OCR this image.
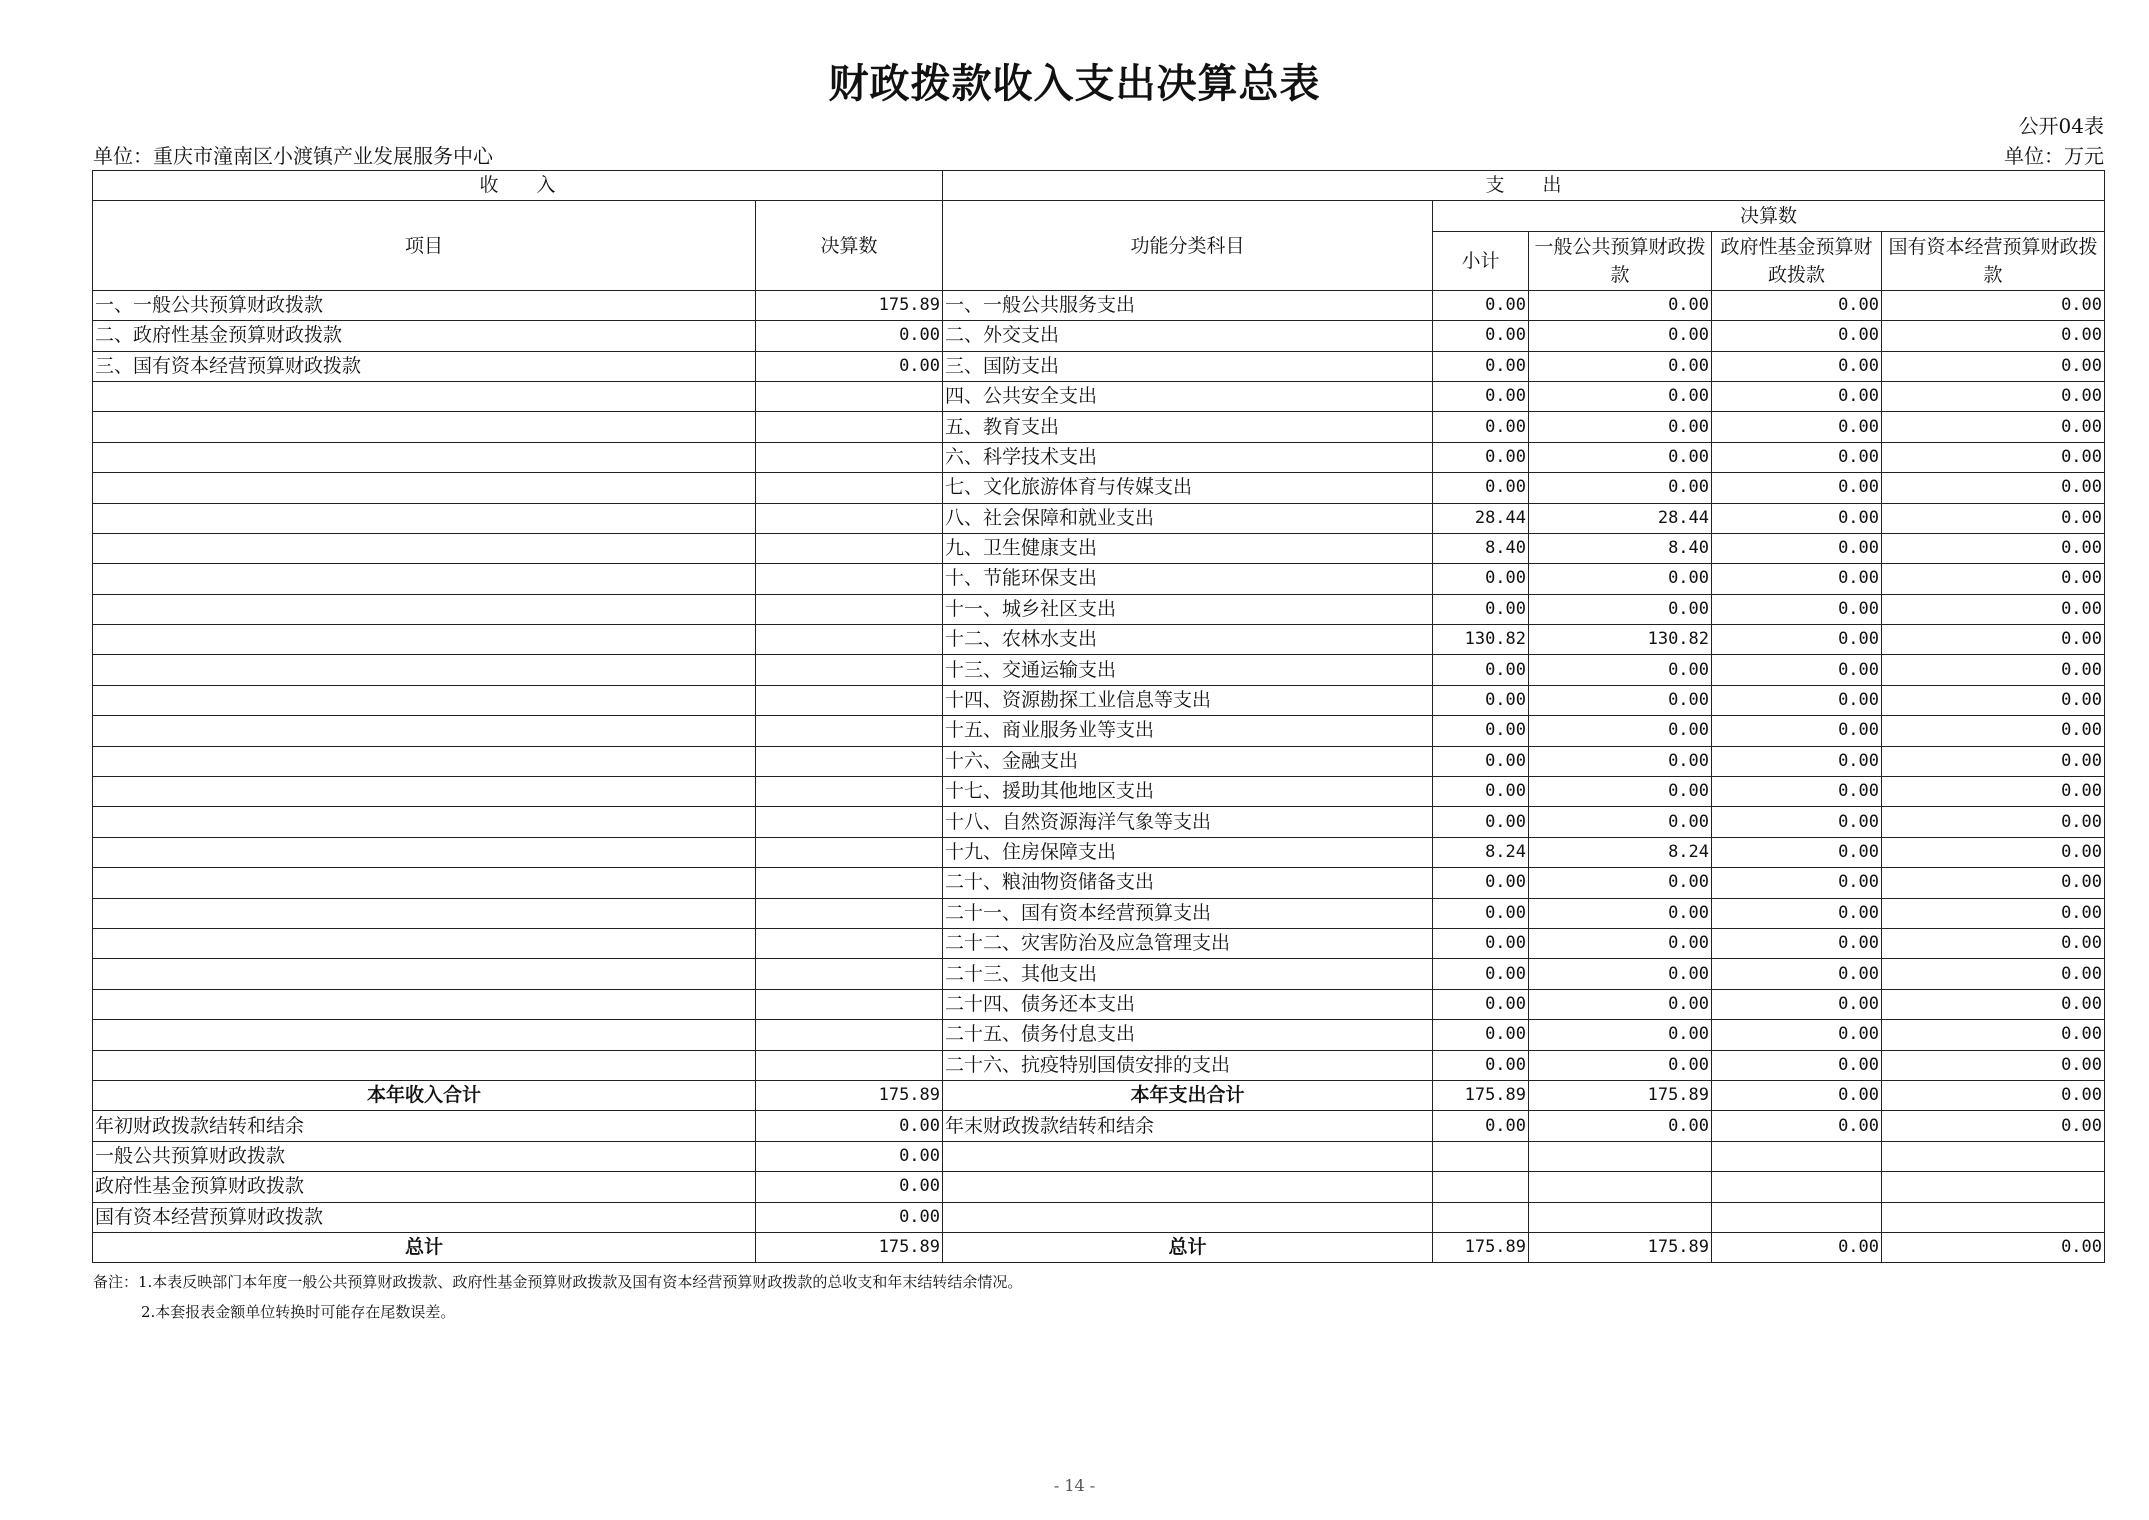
财政拨款收入支出决算总表
公开04表
单位：重庆市潼南区小渡镇产业发展服务中心	单位：万元
收　　入		支　　出				
项目	决算数	功能分类科目	决算数			
			小计	一般公共预算财政拨款	政府性基金预算财政拨款	国有资本经营预算财政拨款
一、一般公共预算财政拨款	175.89	一、一般公共服务支出	0.00	0.00	0.00	0.00
二、政府性基金预算财政拨款	0.00	二、外交支出	0.00	0.00	0.00	0.00
三、国有资本经营预算财政拨款	0.00	三、国防支出	0.00	0.00	0.00	0.00
		四、公共安全支出	0.00	0.00	0.00	0.00
		五、教育支出	0.00	0.00	0.00	0.00
		六、科学技术支出	0.00	0.00	0.00	0.00
		七、文化旅游体育与传媒支出	0.00	0.00	0.00	0.00
		八、社会保障和就业支出	28.44	28.44	0.00	0.00
		九、卫生健康支出	8.40	8.40	0.00	0.00
		十、节能环保支出	0.00	0.00	0.00	0.00
		十一、城乡社区支出	0.00	0.00	0.00	0.00
		十二、农林水支出	130.82	130.82	0.00	0.00
		十三、交通运输支出	0.00	0.00	0.00	0.00
		十四、资源勘探工业信息等支出	0.00	0.00	0.00	0.00
		十五、商业服务业等支出	0.00	0.00	0.00	0.00
		十六、金融支出	0.00	0.00	0.00	0.00
		十七、援助其他地区支出	0.00	0.00	0.00	0.00
		十八、自然资源海洋气象等支出	0.00	0.00	0.00	0.00
		十九、住房保障支出	8.24	8.24	0.00	0.00
		二十、粮油物资储备支出	0.00	0.00	0.00	0.00
		二十一、国有资本经营预算支出	0.00	0.00	0.00	0.00
		二十二、灾害防治及应急管理支出	0.00	0.00	0.00	0.00
		二十三、其他支出	0.00	0.00	0.00	0.00
		二十四、债务还本支出	0.00	0.00	0.00	0.00
		二十五、债务付息支出	0.00	0.00	0.00	0.00
		二十六、抗疫特别国债安排的支出	0.00	0.00	0.00	0.00
本年收入合计	175.89	本年支出合计	175.89	175.89	0.00	0.00
年初财政拨款结转和结余	0.00	年末财政拨款结转和结余	0.00	0.00	0.00	0.00
一般公共预算财政拨款	0.00					
政府性基金预算财政拨款	0.00					
国有资本经营预算财政拨款	0.00					
总计	175.89	总计	175.89	175.89	0.00	0.00
备注：1.本表反映部门本年度一般公共预算财政拨款、政府性基金预算财政拨款及国有资本经营预算财政拨款的总收支和年末结转结余情况。
2.本套报表金额单位转换时可能存在尾数误差。
- 14 -
